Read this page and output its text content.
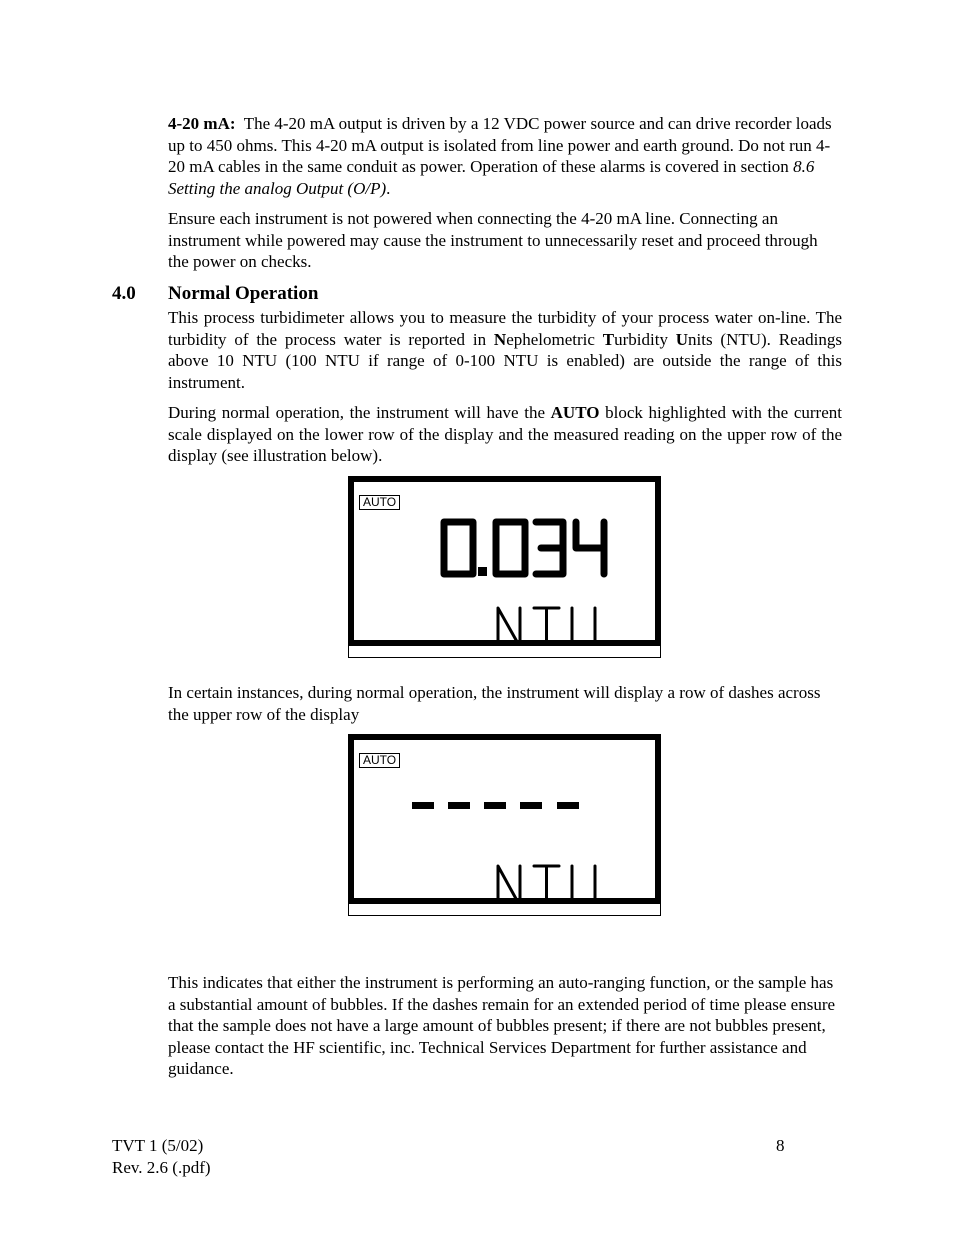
4-20 mA: The 4-20 mA output is driven by a 12 VDC power source and can drive recorder loads up to 450 ohms. This 4-20 mA output is isolated from line power and earth ground. Do not run 4-20 mA cables in the same conduit as power. Operation of these alarms is covered in section 8.6 Setting the analog Output (O/P).

Ensure each instrument is not powered when connecting the 4-20 mA line. Connecting an instrument while powered may cause the instrument to unnecessarily reset and proceed through the power on checks.

4.0 Normal Operation

This process turbidimeter allows you to measure the turbidity of your process water on-line. The turbidity of the process water is reported in Nephelometric Turbidity Units (NTU). Readings above 10 NTU (100 NTU if range of 0-100 NTU is enabled) are outside the range of this instrument.

During normal operation, the instrument will have the AUTO block highlighted with the current scale displayed on the lower row of the display and the measured reading on the upper row of the display (see illustration below).

AUTO

In certain instances, during normal operation, the instrument will display a row of dashes across the upper row of the display

AUTO

This indicates that either the instrument is performing an auto-ranging function, or the sample has a substantial amount of bubbles. If the dashes remain for an extended period of time please ensure that the sample does not have a large amount of bubbles present; if there are not bubbles present, please contact the HF scientific, inc. Technical Services Department for further assistance and guidance.

TVT 1 (5/02)
Rev. 2.6 (.pdf)
8
